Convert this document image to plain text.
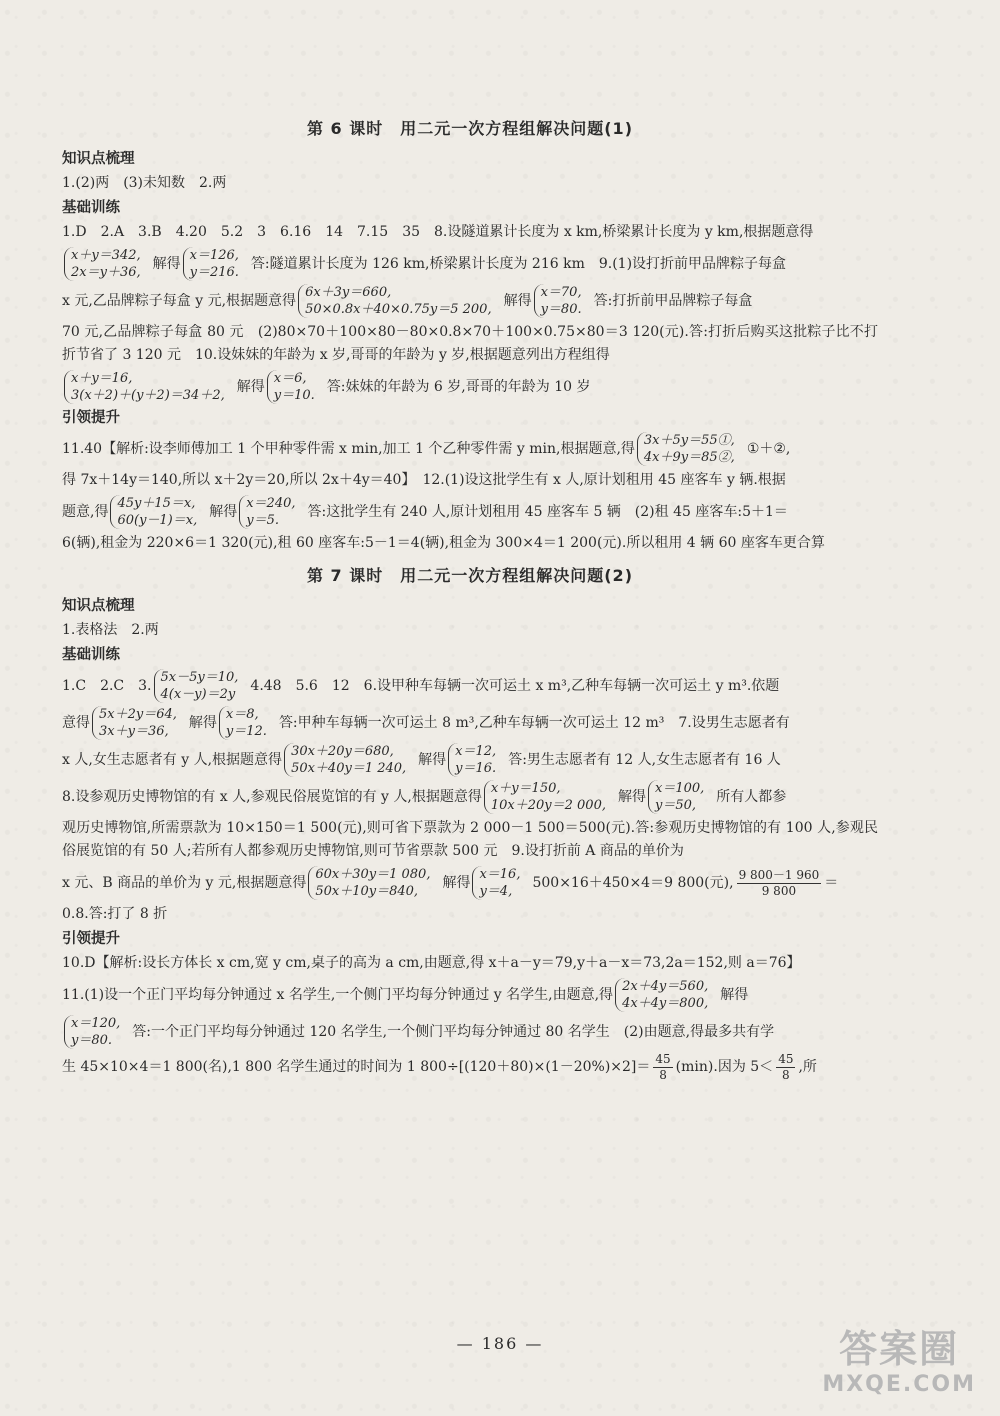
第 6 课时　用二元一次方程组解决问题(1)
知识点梳理
1.(2)两　(3)未知数　2.两
基础训练
1.D　2.A　3.B　4.20　5.2　3　6.16　14　7.15　35　8.设隧道累计长度为 x km,桥梁累计长度为 y km,根据题意得
x＋y＝342,
2x＝y＋36,
解得 x＝126,
y＝216.
答:隧道累计长度为 126 km,桥梁累计长度为 216 km　9.(1)设打折前甲品牌粽子每盒
x 元,乙品牌粽子每盒 y 元,根据题意得 6x＋3y＝660,
50×0.8x＋40×0.75y＝5 200,
解得 x＝70,
y＝80.
答:打折前甲品牌粽子每盒
70 元,乙品牌粽子每盒 80 元　(2)80×70＋100×80－80×0.8×70＋100×0.75×80＝3 120(元).答:打折后购买这批粽子比不打折节省了 3 120 元　10.设妹妹的年龄为 x 岁,哥哥的年龄为 y 岁,根据题意列出方程组得
x＋y＝16,
3(x＋2)＋(y＋2)＝34＋2,
解得 x＝6,
y＝10.
答:妹妹的年龄为 6 岁,哥哥的年龄为 10 岁
引领提升
11.40【解析:设李师傅加工 1 个甲种零件需 x min,加工 1 个乙种零件需 y min,根据题意,得 3x＋5y＝55①,
4x＋9y＝85②,
①＋②,
得 7x＋14y＝140,所以 x＋2y＝20,所以 2x＋4y＝40】　12.(1)设这批学生有 x 人,原计划租用 45 座客车 y 辆.根据
题意,得 45y＋15＝x,
60(y－1)＝x,
解得 x＝240,
y＝5.
答:这批学生有 240 人,原计划租用 45 座客车 5 辆　(2)租 45 座客车:5＋1＝
6(辆),租金为 220×6＝1 320(元),租 60 座客车:5－1＝4(辆),租金为 300×4＝1 200(元).所以租用 4 辆 60 座客车更合算
第 7 课时　用二元一次方程组解决问题(2)
知识点梳理
1.表格法　2.两
基础训练
1.C　2.C　3. 5x－5y＝10,
4(x－y)＝2y
4.48　5.6　12　6.设甲种车每辆一次可运土 x m³,乙种车每辆一次可运土 y m³.依题
意得 5x＋2y＝64,
3x＋y＝36,
解得 x＝8,
y＝12.
答:甲种车每辆一次可运土 8 m³,乙种车每辆一次可运土 12 m³　7.设男生志愿者有
x 人,女生志愿者有 y 人,根据题意得 30x＋20y＝680,
50x＋40y＝1 240,
解得 x＝12,
y＝16.
答:男生志愿者有 12 人,女生志愿者有 16 人
8.设参观历史博物馆的有 x 人,参观民俗展览馆的有 y 人,根据题意得 x＋y＝150,
10x＋20y＝2 000,
解得 x＝100,
y＝50,
所有人都参
观历史博物馆,所需票款为 10×150＝1 500(元),则可省下票款为 2 000－1 500＝500(元).答:参观历史博物馆的有 100 人,参观民俗展览馆的有 50 人;若所有人都参观历史博物馆,则可节省票款 500 元　9.设打折前 A 商品的单价为
x 元、B 商品的单价为 y 元,根据题意得 60x＋30y＝1 080,
50x＋10y＝840,
解得 x＝16,
y＝4,
500×16＋450×4＝9 800(元), $\frac{9 800-1 960}{9 800}$ ＝
0.8.答:打了 8 折
引领提升
10.D【解析:设长方体长 x cm,宽 y cm,桌子的高为 a cm,由题意,得 x＋a－y＝79,y＋a－x＝73,2a＝152,则 a＝76】
11.(1)设一个正门平均每分钟通过 x 名学生,一个侧门平均每分钟通过 y 名学生,由题意,得 2x＋4y＝560,
4x＋4y＝800,
解得
x＝120,
y＝80.
答:一个正门平均每分钟通过 120 名学生,一个侧门平均每分钟通过 80 名学生　(2)由题意,得最多共有学
生 45×10×4＝1 800(名),1 800 名学生通过的时间为 1 $800\div[(120+80)\times(1-20\%)\times 2]= \frac{45}{8} (\min)$.因为 $5< \frac{45}{8}$ ,所
— 186 —	答案圈
MXQE.COM
